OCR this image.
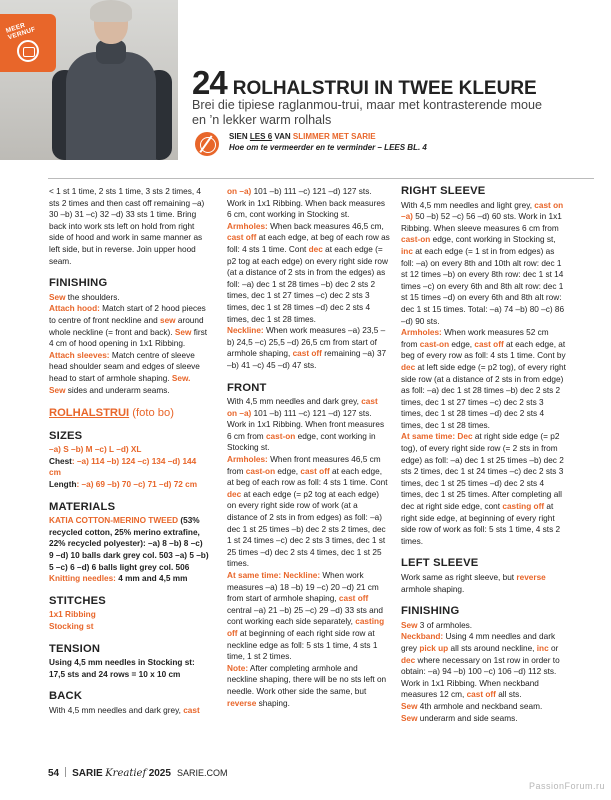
MEER VERNUF
24 ROLHALSTRUI IN TWEE KLEURE
Brei die tipiese raglanmou-trui, maar met kontrasterende moue en ’n lekker warm rolhals
SIEN LES 6 VAN SLIMMER MET SARIE
Hoe om te vermeerder en te verminder – LEES BL. 4
< 1 st 1 time, 2 sts 1 time, 3 sts 2 times, 4 sts 2 times and then cast off remaining –a) 30 –b) 31 –c) 32 –d) 33 sts 1 time. Bring back into work sts left on hold from right side of hood and work in same manner as left side, but in reverse. Join upper hood seam.
FINISHING
Sew the shoulders.
Attach hood: Match start of 2 hood pieces to centre of front neckline and sew around whole neckline (= front and back). Sew first 4 cm of hood opening in 1x1 Ribbing.
Attach sleeves: Match centre of sleeve head shoulder seam and edges of sleeve head to start of armhole shaping. Sew. Sew sides and underarm seams.
ROLHALSTRUI (foto bo)
SIZES
–a) S –b) M –c) L –d) XL
Chest: –a) 114 –b) 124 –c) 134 –d) 144 cm
Length: –a) 69 –b) 70 –c) 71 –d) 72 cm
MATERIALS
KATIA COTTON-MERINO TWEED (53% recycled cotton, 25% merino extrafine, 22% recycled polyester): –a) 8 –b) 8 –c) 9 –d) 10 balls dark grey col. 503 –a) 5 –b) 5 –c) 6 –d) 6 balls light grey col. 506
Knitting needles: 4 mm and 4,5 mm
STITCHES
1x1 Ribbing
Stocking st
TENSION
Using 4,5 mm needles in Stocking st: 17,5 sts and 24 rows = 10 x 10 cm
BACK
With 4,5 mm needles and dark grey, cast
on –a) 101 –b) 111 –c) 121 –d) 127 sts. Work in 1x1 Ribbing. When back measures 6 cm, cont working in Stocking st.
Armholes: When back measures 46,5 cm, cast off at each edge, at beg of each row as foll: 4 sts 1 time. Cont dec at each edge (= p2 tog at each edge) on every right side row (at a distance of 2 sts in from the edges) as foll: –a) dec 1 st 28 times –b) dec 2 sts 2 times, dec 1 st 27 times –c) dec 2 sts 3 times, dec 1 st 28 times –d) dec 2 sts 4 times, dec 1 st 28 times.
Neckline: When work measures –a) 23,5 –b) 24,5 –c) 25,5 –d) 26,5 cm from start of armhole shaping, cast off remaining –a) 37 –b) 41 –c) 45 –d) 47 sts.
FRONT
With 4,5 mm needles and dark grey, cast on –a) 101 –b) 111 –c) 121 –d) 127 sts. Work in 1x1 Ribbing. When front measures 6 cm from cast-on edge, cont working in Stocking st.
Armholes: When front measures 46,5 cm from cast-on edge, cast off at each edge, at beg of each row as foll: 4 sts 1 time. Cont dec at each edge (= p2 tog at each edge) on every right side row of work (at a distance of 2 sts in from edges) as foll: –a) dec 1 st 25 times –b) dec 2 sts 2 times, dec 1 st 24 times –c) dec 2 sts 3 times, dec 1 st 25 times –d) dec 2 sts 4 times, dec 1 st 25 times.
At same time: Neckline: When work measures –a) 18 –b) 19 –c) 20 –d) 21 cm from start of armhole shaping, cast off central –a) 21 –b) 25 –c) 29 –d) 33 sts and cont working each side separately, casting off at beginning of each right side row at neckline edge as foll: 5 sts 1 time, 4 sts 1 time, 1 st 2 times.
Note: After completing armhole and neckline shaping, there will be no sts left on needle. Work other side the same, but reverse shaping.
RIGHT SLEEVE
With 4,5 mm needles and light grey, cast on –a) 50 –b) 52 –c) 56 –d) 60 sts. Work in 1x1 Ribbing. When sleeve measures 6 cm from cast-on edge, cont working in Stocking st, inc at each edge (= 1 st in from edges) as foll: –a) on every 8th and 10th alt row: dec 1 st 12 times –b) on every 8th row: dec 1 st 14 times –c) on every 6th and 8th alt row: dec 1 st 15 times –d) on every 6th and 8th alt row: dec 1 st 15 times. Total: –a) 74 –b) 80 –c) 86 –d) 90 sts.
Armholes: When work measures 52 cm from cast-on edge, cast off at each edge, at beg of every row as foll: 4 sts 1 time. Cont by dec at left side edge (= p2 tog), of every right side row (at a distance of 2 sts in from edge) as foll: –a) dec 1 st 28 times –b) dec 2 sts 2 times, dec 1 st 27 times –c) dec 2 sts 3 times, dec 1 st 28 times –d) dec 2 sts 4 times, dec 1 st 28 times.
At same time: Dec at right side edge (= p2 tog), of every right side row (= 2 sts in from edge) as foll: –a) dec 1 st 25 times –b) dec 2 sts 2 times, dec 1 st 24 times –c) dec 2 sts 3 times, dec 1 st 25 times –d) dec 2 sts 4 times, dec 1 st 25 times. After completing all dec at right side edge, cont casting off at right side edge, at beginning of every right side row of work as foll: 5 sts 1 time, 4 sts 2 times.
LEFT SLEEVE
Work same as right sleeve, but reverse armhole shaping.
FINISHING
Sew 3 of armholes.
Neckband: Using 4 mm needles and dark grey pick up all sts around neckline, inc or dec where necessary on 1st row in order to obtain: –a) 94 –b) 100 –c) 106 –d) 112 sts. Work in 1x1 Ribbing. When neckband measures 12 cm, cast off all sts.
Sew 4th armhole and neckband seam.
Sew underarm and side seams.
54 SARIE Kreatief 2025 SARIE.COM
PassionForum.ru
